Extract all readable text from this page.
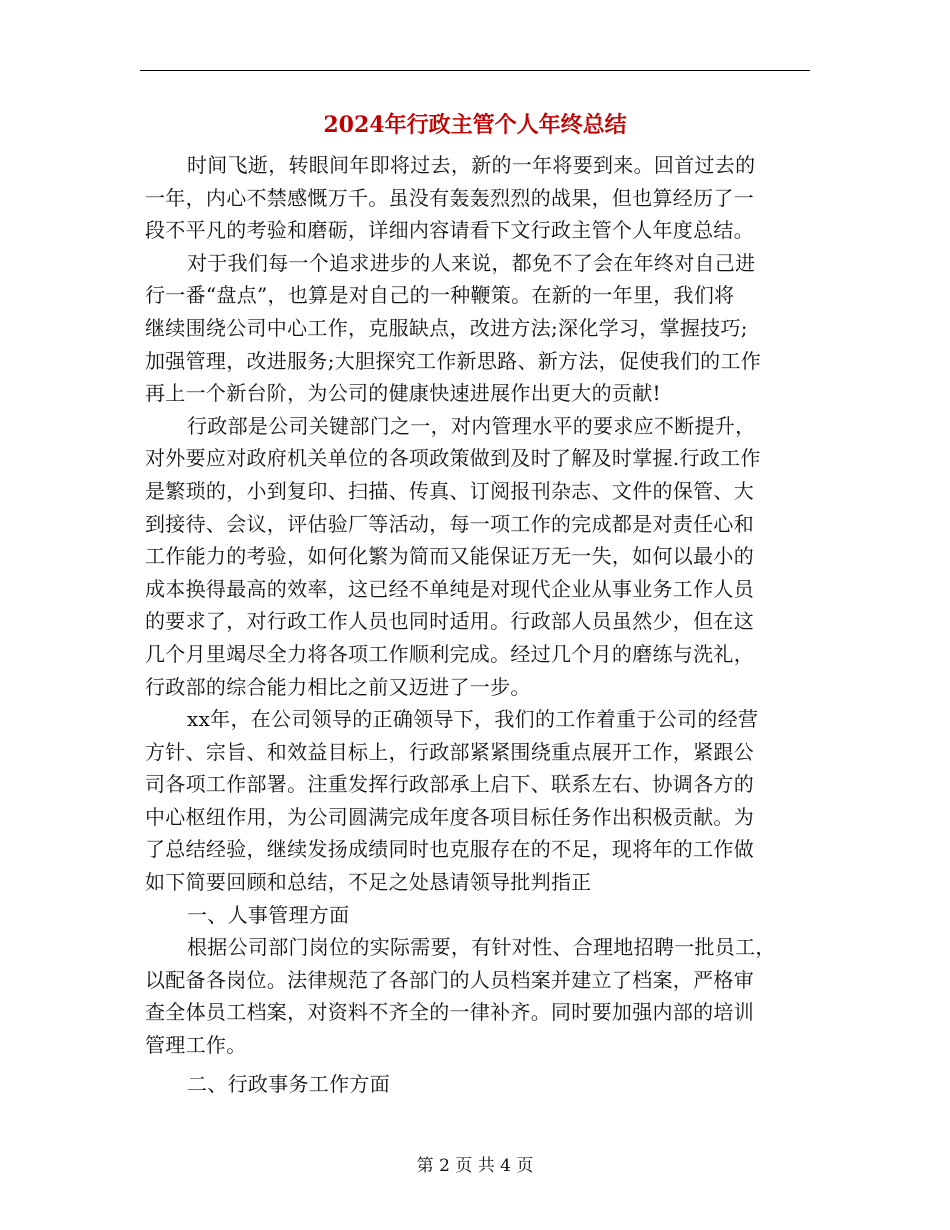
2024年行政主管个人年终总结
时间飞逝，转眼间年即将过去，新的一年将要到来。回首过去的
一年，内心不禁感慨万千。虽没有轰轰烈烈的战果，但也算经历了一
段不平凡的考验和磨砺，详细内容请看下文行政主管个人年度总结。
对于我们每一个追求进步的人来说，都免不了会在年终对自己进
行一番“盘点”，也算是对自己的一种鞭策。在新的一年里，我们将
继续围绕公司中心工作，克服缺点，改进方法;深化学习，掌握技巧;
加强管理，改进服务;大胆探究工作新思路、新方法，促使我们的工作
再上一个新台阶，为公司的健康快速进展作出更大的贡献!
行政部是公司关键部门之一，对内管理水平的要求应不断提升，
对外要应对政府机关单位的各项政策做到及时了解及时掌握.行政工作
是繁琐的，小到复印、扫描、传真、订阅报刊杂志、文件的保管、大
到接待、会议，评估验厂等活动，每一项工作的完成都是对责任心和
工作能力的考验，如何化繁为简而又能保证万无一失，如何以最小的
成本换得最高的效率，这已经不单纯是对现代企业从事业务工作人员
的要求了，对行政工作人员也同时适用。行政部人员虽然少，但在这
几个月里竭尽全力将各项工作顺利完成。经过几个月的磨练与洗礼，
行政部的综合能力相比之前又迈进了一步。
xx年，在公司领导的正确领导下，我们的工作着重于公司的经营
方针、宗旨、和效益目标上，行政部紧紧围绕重点展开工作，紧跟公
司各项工作部署。注重发挥行政部承上启下、联系左右、协调各方的
中心枢纽作用，为公司圆满完成年度各项目标任务作出积极贡献。为
了总结经验，继续发扬成绩同时也克服存在的不足，现将年的工作做
如下简要回顾和总结，不足之处恳请领导批判指正
一、人事管理方面
根据公司部门岗位的实际需要，有针对性、合理地招聘一批员工，
以配备各岗位。法律规范了各部门的人员档案并建立了档案，严格审
查全体员工档案，对资料不齐全的一律补齐。同时要加强内部的培训
管理工作。
二、行政事务工作方面
第 2 页 共 4 页
